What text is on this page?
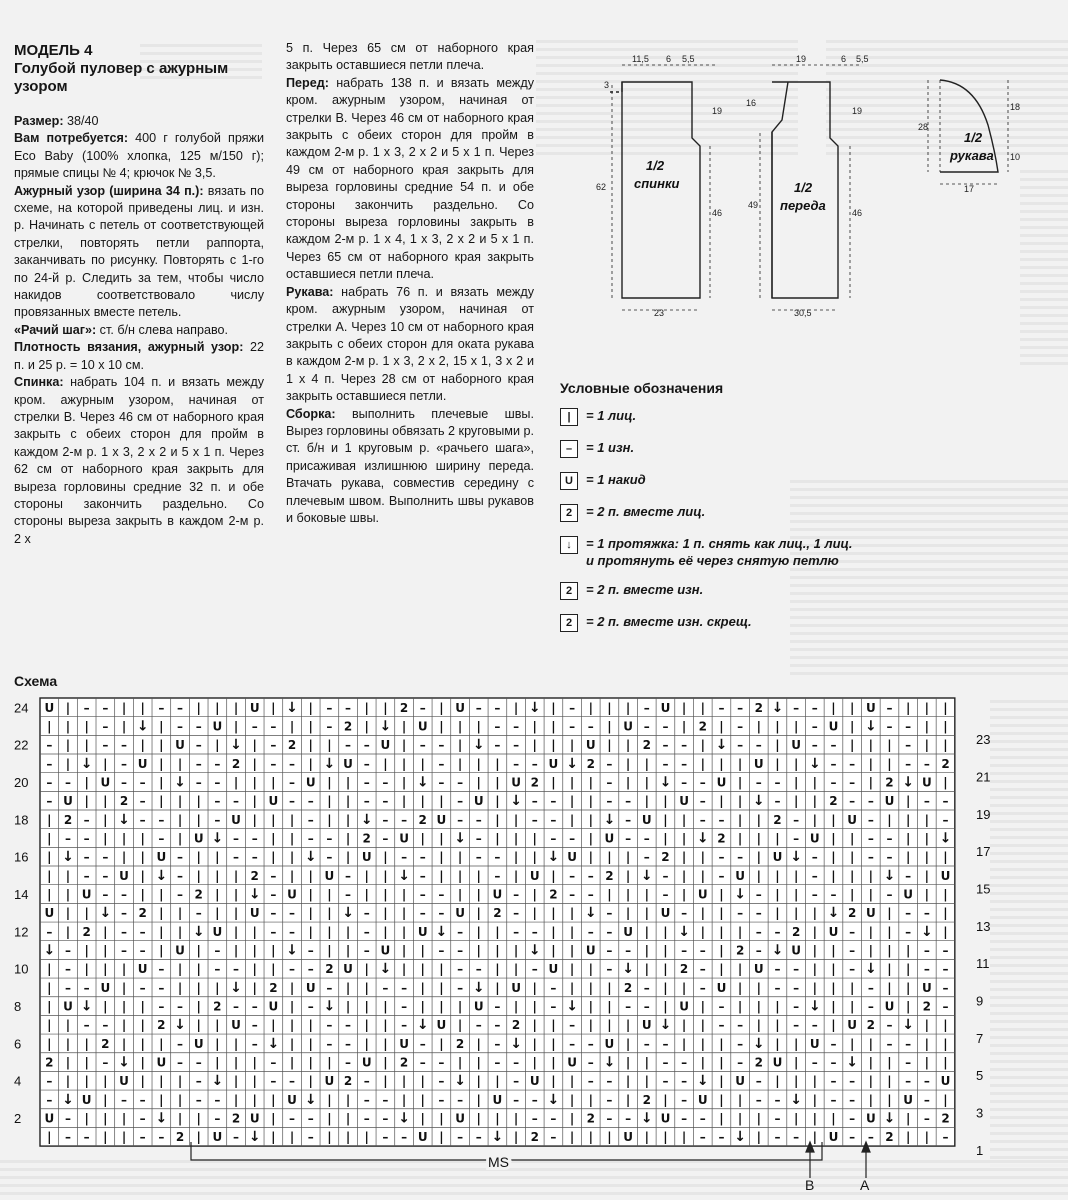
МОДЕЛЬ 4
Голубой пуловер с ажурным узором

Размер: 38/40

Вам потребуется: 400 г голубой пряжи Eco Baby (100% хлопка, 125 м/150 г); прямые спицы № 4; крючок № 3,5.

Ажурный узор (ширина 34 п.): вязать по схеме, на которой приведены лиц. и изн. р. Начинать с петель от соответствующей стрелки, повторять петли раппорта, заканчивать по рисунку. Повторять с 1-го по 24-й р. Следить за тем, чтобы число накидов соответствовало числу провязанных вместе петель.

«Рачий шаг»: ст. б/н слева направо.

Плотность вязания, ажурный узор: 22 п. и 25 р. = 10 х 10 см.

Спинка: набрать 104 п. и вязать между кром. ажурным узором, начиная от стрелки В. Через 46 см от наборного края закрыть с обеих сторон для пройм в каждом 2-м р. 1 х 3, 2 х 2 и 5 х 1 п. Через 62 см от наборного края закрыть для выреза горловины средние 32 п. и обе стороны закончить раздельно. Со стороны выреза закрыть в каждом 2-м р. 2 х

5 п. Через 65 см от наборного края закрыть оставшиеся петли плеча.

Перед: набрать 138 п. и вязать между кром. ажурным узором, начиная от стрелки В. Через 46 см от наборного края закрыть с обеих сторон для пройм в каждом 2-м р. 1 х 3, 2 х 2 и 5 х 1 п. Через 49 см от наборного края закрыть для выреза горловины средние 54 п. и обе стороны закончить раздельно. Со стороны выреза горловины закрыть в каждом 2-м р. 1 х 4, 1 х 3, 2 х 2 и 5 х 1 п. Через 65 см от наборного края закрыть оставшиеся петли плеча.

Рукава: набрать 76 п. и вязать между кром. ажурным узором, начиная от стрелки А. Через 10 см от наборного края закрыть с обеих сторон для оката рукава в каждом 2-м р. 1 х 3, 2 х 2, 15 х 1, 3 х 2 и 1 х 4 п. Через 28 см от наборного края закрыть оставшиеся петли.

Сборка: выполнить плечевые швы. Вырез горловины обвязать 2 круговыми р. ст. б/н и 1 круговым р. «рачьего шага», присаживая излишнюю ширину переда. Втачать рукава, совместив середину с плечевым швом. Выполнить швы рукавов и боковые швы.

11,5 6 5,5
3
19
16
62
46
23
1/2
спинки
19	6 5,5
19
49
46
30,5
1/2
переда
18
28
10
17
1/2
рукава
Условные обозначения
|	= 1 лиц.
–	= 1 изн.
U	= 1 накид
2	= 2 п. вместе лиц.
↓	= 1 протяжка: 1 п. снять как лиц., 1 лиц.
и протянуть её через снятую петлю
2	= 2 п. вместе изн.
2	= 2 п. вместе изн. скрещ.
Схема
U | – – | | – – | | | U | ↓ | – – | | 2 – | U – – | ↓ | – | | | – U | | – – 2 ↓ – – | | U – | | |
| | | – | ↓ | – – U | – – | | – 2 | ↓ | U | | | – – | | – – | U – – | 2 | – | | | – U | ↓ – – | |
– | | – – | | U – | ↓ | – 2 | | – – U | – – | ↓ – – | | | U | | 2 – – | ↓ – – | U – – | | | – | |
– | ↓ | – U | | – – 2 | – – | ↓ U – | | | – | | | – – U ↓ 2 – | | – – | | | U | | ↓ – – | | – – 2
– – | U – – | ↓ – – | | | – U | | – – | ↓ – – | | U 2 | | | – | | ↓ – – U | – – | | – – | 2 ↓ U |
– U | | 2 – | | | – – | U – – | | – – | | | – U | ↓ – – | | – – | | U – | | ↓ – | | 2 – – U | – –
| 2 – | ↓ – – | | – U | | | – | | ↓ – – 2 U – – | | – – | | ↓ – U | | – – | | 2 – | | U – | | | –
| – – | | | – | U ↓ – – | | – – | 2 – U | | ↓ – | | | – – | U – – | | ↓ 2 | | | – U | | – – | | ↓
| ↓ – – | | U – | | – – | | ↓ – | U | – – | | – – | | ↓ U | | | – 2 | | – – | U ↓ – | | – – | | |
| | – – U | ↓ – | | | 2 – | | U – | | ↓ – | | | – | U | – – 2 | ↓ – | | – U | | | – | | | ↓ – | U
| | U – – | | – 2 | | ↓ – U | | – | | | – – | | U – | 2 – – | | | – | U | ↓ – | | – – | | – U | |
U | | ↓ – 2 | | – | | U – – | | ↓ – | | – – U | 2 – | | | ↓ – | | U – | | – – | | | ↓ 2 U | – – |
– | 2 | – – | | ↓ U | | – – | | | – | | U ↓ – | | – – | | – – U | | ↓ | | | – – 2 | U – | | – ↓ |
↓ – | | – – | U | – | | | ↓ – | | – U | | – – | | | ↓ | | U – – | | – – | 2 – ↓ U | | – | | | – –
| – | | | U – | | – – | | – – 2 U | ↓ | | | – – | | – U | | – ↓ | | 2 – | | U – – | | – ↓ | | – –
| – – U | – – | | | ↓ | 2 | U – | | – – | | – ↓ | U | – | | | 2 – | | – U | | – – | | | – | | U –
| U ↓ | | | – – | 2 – – U | – ↓ | | | – | | | U – | | – ↓ | | – – | U | – | | | – ↓ | | – U | 2 –
| | – – | | 2 ↓ | | U – | | | – – | | – ↓ U | – – 2 | | – | | | U ↓ | | – – | | – – | U 2 – ↓ | |
| | | 2 | | | – U | | – ↓ | | – – | | U – | 2 | – ↓ | | – – U | – – | | | – ↓ | | U – | | – – | |
2 | | – ↓ | U – – | | | – | | | – U | 2 – – | | – – | | U – ↓ | | – – | | – 2 U | – – ↓ | | – | |
– | | | U | | | – ↓ | | – – | U 2 – | | | – ↓ | | – U | | – – | | – – ↓ | U – | | | – – | | – – U
– ↓ U | – – | | – – | | | U ↓ | | – – | | – – | U – – ↓ | | – | 2 | – U | | – – ↓ | – – | | U – |
U – | | | – ↓ | | – 2 U | – – | | – – ↓ | | U | | | – – | 2 – – ↓ U – – | | | – | | | – U ↓ | – 2
| – – | | – – 2 | U – ↓ | | – | | | – – U | – – ↓ | 2 – | | | U | | | – – ↓ | – – | U – – 2 | | –
24
22
20
18
16
14
12
10
8
6
4
2
23
21
19
17
15
13
11
9
7
5
3
1
MS
B	A
